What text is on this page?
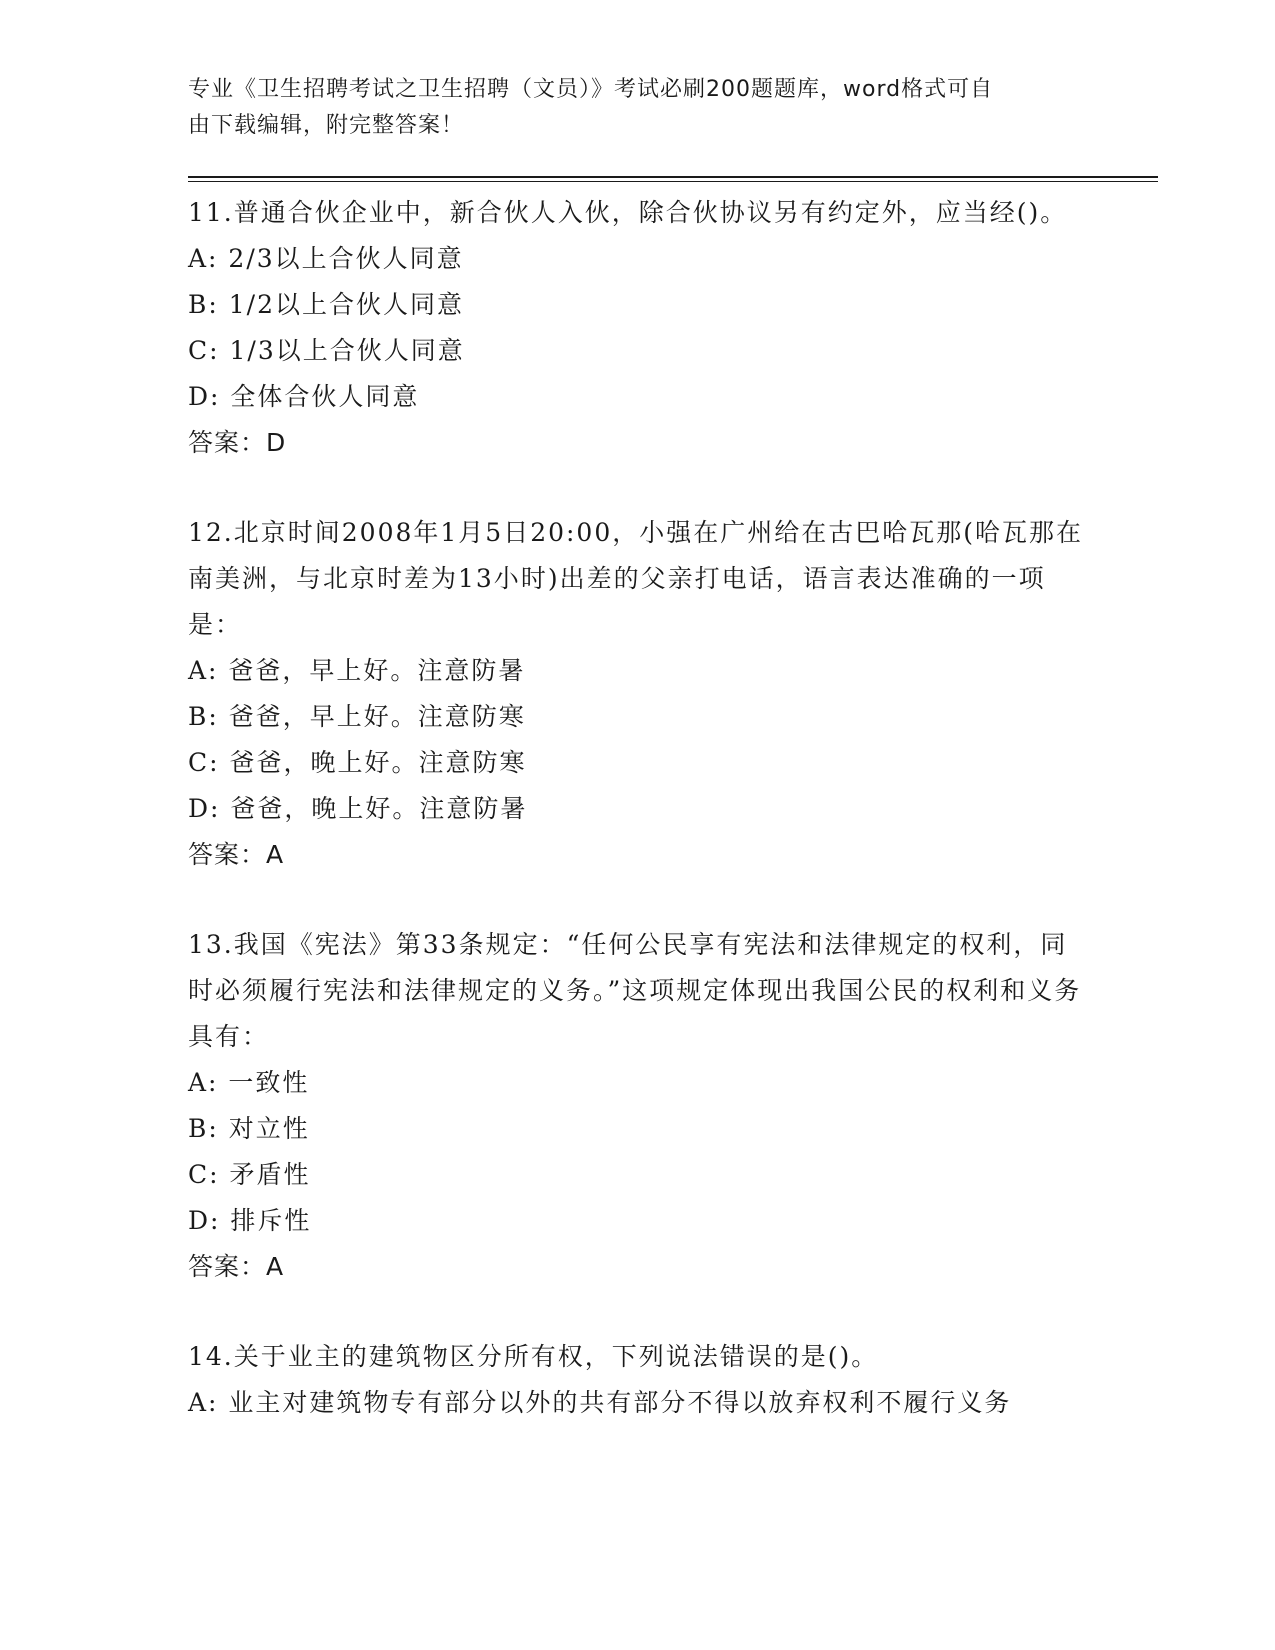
专业《卫生招聘考试之卫生招聘（文员）》考试必刷200题题库，word格式可自
由下载编辑，附完整答案！

11.普通合伙企业中，新合伙人入伙，除合伙协议另有约定外，应当经()。

A: 2/3以上合伙人同意

B: 1/2以上合伙人同意

C: 1/3以上合伙人同意

D: 全体合伙人同意

答案：D

12.北京时间2008年1月5日20:00，小强在广州给在古巴哈瓦那(哈瓦那在南美洲，与北京时差为13小时)出差的父亲打电话，语言表达准确的一项是：

A: 爸爸，早上好。注意防暑

B: 爸爸，早上好。注意防寒

C: 爸爸，晚上好。注意防寒

D: 爸爸，晚上好。注意防暑

答案：A

13.我国《宪法》第33条规定：“任何公民享有宪法和法律规定的权利，同时必须履行宪法和法律规定的义务。”这项规定体现出我国公民的权利和义务具有：

A: 一致性

B: 对立性

C: 矛盾性

D: 排斥性

答案：A

14.关于业主的建筑物区分所有权，下列说法错误的是()。

A: 业主对建筑物专有部分以外的共有部分不得以放弃权利不履行义务
